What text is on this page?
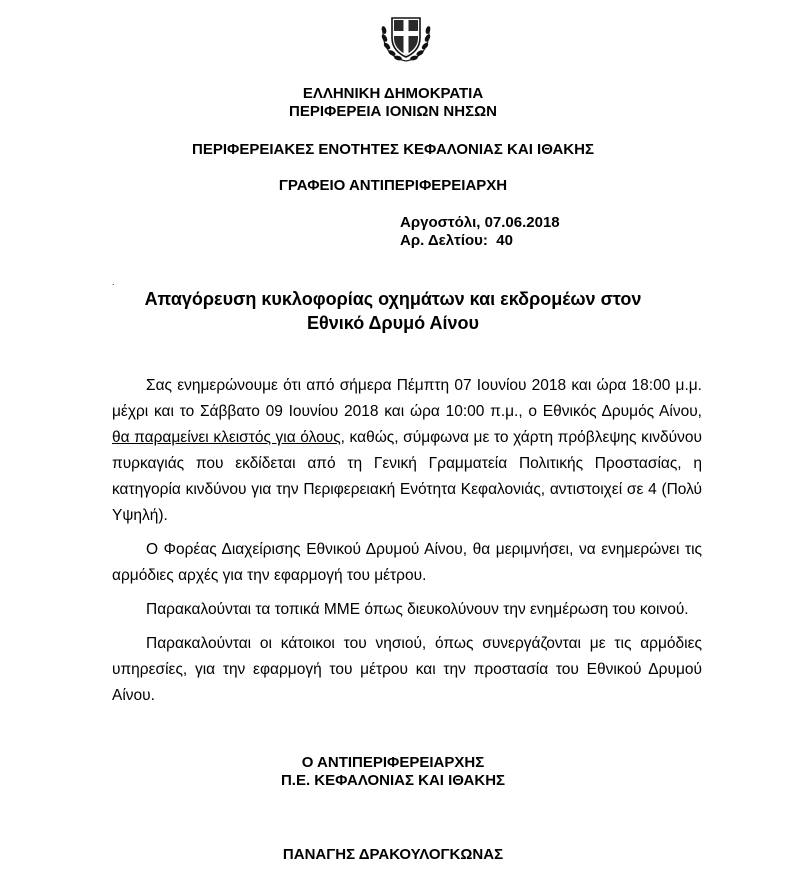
ΕΛΛΗΝΙΚΗ ΔΗΜΟΚΡΑΤΙΑ
ΠΕΡΙΦΕΡΕΙΑ ΙΟΝΙΩΝ ΝΗΣΩΝ
ΠΕΡΙΦΕΡΕΙΑΚΕΣ ΕΝΟΤΗΤΕΣ ΚΕΦΑΛΟΝΙΑΣ ΚΑΙ ΙΘΑΚΗΣ
ΓΡΑΦΕΙΟ ΑΝΤΙΠΕΡΙΦΕΡΕΙΑΡΧΗ
Αργοστόλι, 07.06.2018
Αρ. Δελτίου: 40
.
Απαγόρευση κυκλοφορίας οχημάτων και εκδρομέων στον
Εθνικό Δρυμό Αίνου

Σας ενημερώνουμε ότι από σήμερα Πέμπτη 07 Ιουνίου 2018 και ώρα 18:00 μ.μ. μέχρι και το Σάββατο 09 Ιουνίου 2018 και ώρα 10:00 π.μ., ο Εθνικός Δρυμός Αίνου, θα παραμείνει κλειστός για όλους, καθώς, σύμφωνα με το χάρτη πρόβλεψης κινδύνου πυρκαγιάς που εκδίδεται από τη Γενική Γραμματεία Πολιτικής Προστασίας, η κατηγορία κινδύνου για την Περιφερειακή Ενότητα Κεφαλονιάς, αντιστοιχεί σε 4 (Πολύ Υψηλή).

Ο Φορέας Διαχείρισης Εθνικού Δρυμού Αίνου, θα μεριμνήσει, να ενημερώνει τις αρμόδιες αρχές για την εφαρμογή του μέτρου.

Παρακαλούνται τα τοπικά ΜΜΕ όπως διευκολύνουν την ενημέρωση του κοινού.

Παρακαλούνται οι κάτοικοι του νησιού, όπως συνεργάζονται με τις αρμόδιες υπηρεσίες, για την εφαρμογή του μέτρου και την προστασία του Εθνικού Δρυμού Αίνου.

Ο ΑΝΤΙΠΕΡΙΦΕΡΕΙΑΡΧΗΣ
Π.Ε. ΚΕΦΑΛΟΝΙΑΣ ΚΑΙ ΙΘΑΚΗΣ
ΠΑΝΑΓΗΣ ΔΡΑΚΟΥΛΟΓΚΩΝΑΣ
